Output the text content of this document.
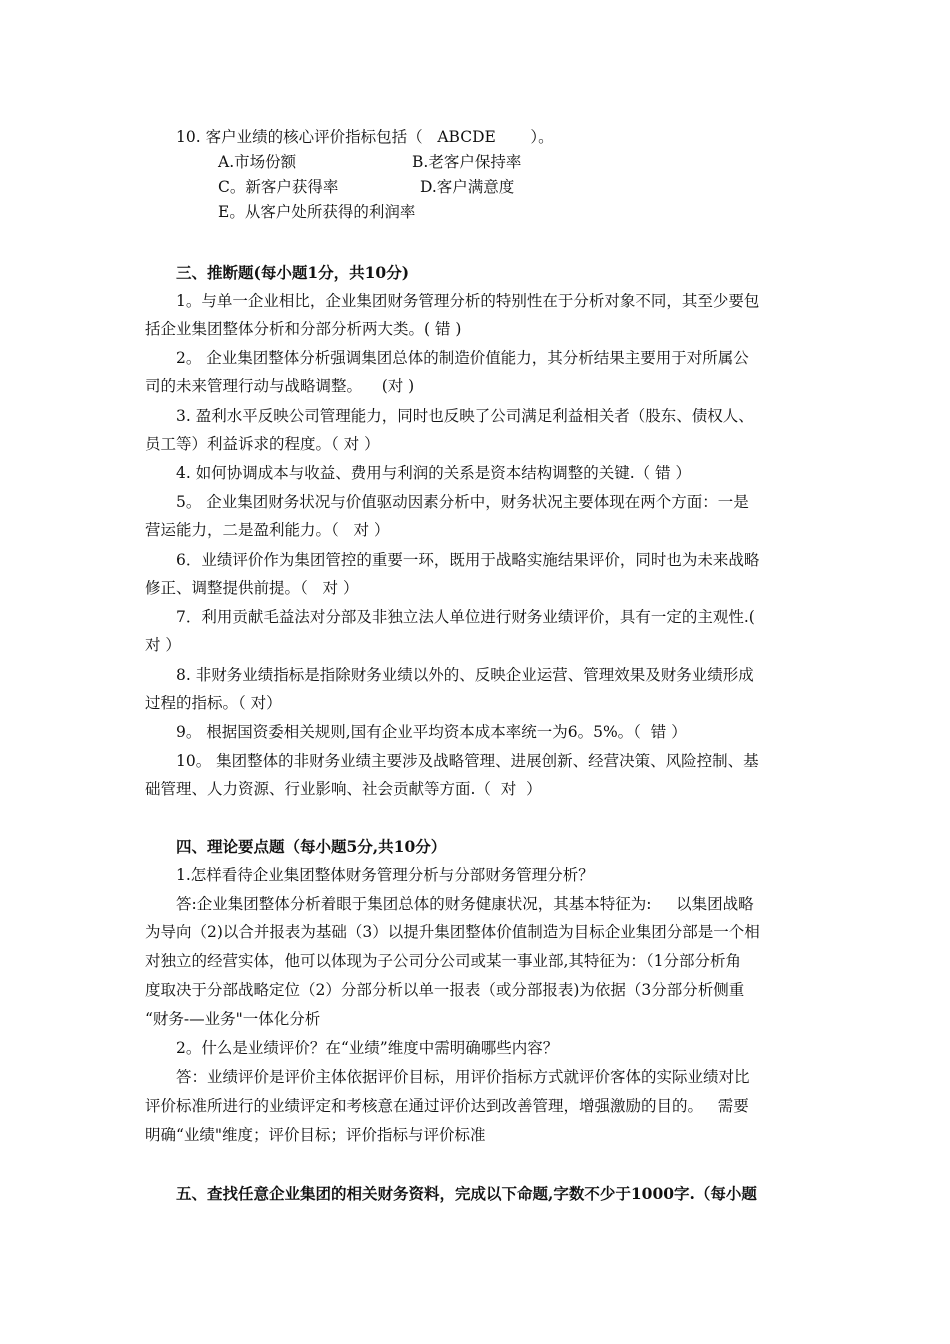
10. 客户业绩的核心评价指标包括（   ABCDE       ）。
A.市场份额	B.老客户保持率
C。新客户获得率	D.客户满意度
E。从客户处所获得的利润率
三、推断题(每小题1分，共10分)
1。与单一企业相比，企业集团财务管理分析的特别性在于分析对象不同，其至少要包
括企业集团整体分析和分部分析两大类。( 错 )
2。 企业集团整体分析强调集团总体的制造价值能力，其分析结果主要用于对所属公
司的未来管理行动与战略调整。    (对 )
3. 盈利水平反映公司管理能力，同时也反映了公司满足利益相关者（股东、债权人、
员工等）利益诉求的程度。（ 对 ）
4. 如何协调成本与收益、费用与利润的关系是资本结构调整的关键.（ 错 ）
5。 企业集团财务状况与价值驱动因素分析中，财务状况主要体现在两个方面：一是
营运能力，二是盈利能力。（   对 ）
6．业绩评价作为集团管控的重要一环，既用于战略实施结果评价，同时也为未来战略
修正、调整提供前提。（   对 ）
7．利用贡献毛益法对分部及非独立法人单位进行财务业绩评价，具有一定的主观性.(
对 ）
8. 非财务业绩指标是指除财务业绩以外的、反映企业运营、管理效果及财务业绩形成
过程的指标。（ 对）
9。 根据国资委相关规则,国有企业平均资本成本率统一为6。5%。（  错 ）
10。 集团整体的非财务业绩主要涉及战略管理、进展创新、经营决策、风险控制、基
础管理、人力资源、行业影响、社会贡献等方面.（  对  ）
四、理论要点题（每小题5分,共10分）
1.怎样看待企业集团整体财务管理分析与分部财务管理分析？
答:企业集团整体分析着眼于集团总体的财务健康状况，其基本特征为:     以集团战略
为导向（2)以合并报表为基础（3）以提升集团整体价值制造为目标企业集团分部是一个相
对独立的经营实体，他可以体现为子公司分公司或某一事业部,其特征为：（1分部分析角
度取决于分部战略定位（2）分部分析以单一报表（或分部报表)为依据（3分部分析侧重
“财务-—业务"一体化分析
2。什么是业绩评价？在“业绩”维度中需明确哪些内容？
答：业绩评价是评价主体依据评价目标，用评价指标方式就评价客体的实际业绩对比
评价标准所进行的业绩评定和考核意在通过评价达到改善管理，增强激励的目的。   需要
明确“业绩"维度；评价目标；评价指标与评价标准
五、查找任意企业集团的相关财务资料，完成以下命题,字数不少于1000字.（每小题
